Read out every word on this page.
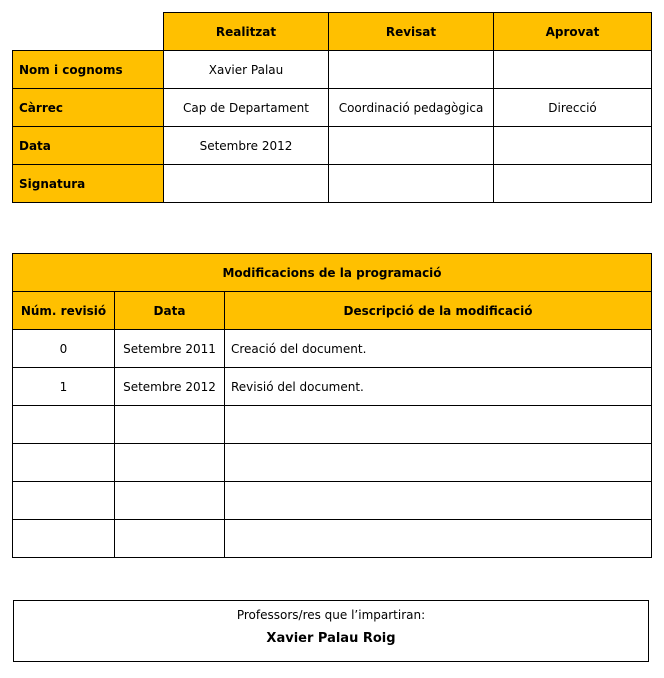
	Realitzat	Revisat	Aprovat
Nom i cognoms	Xavier Palau		
Càrrec	Cap de Departament	Coordinació pedagògica	Direcció
Data	Setembre 2012		
Signatura			
Modificacions de la programació		
Núm. revisió	Data	Descripció de la modificació
0	Setembre 2011	Creació del document.
1	Setembre 2012	Revisió del document.

Professors/res que l’impartiran:
Xavier Palau Roig
